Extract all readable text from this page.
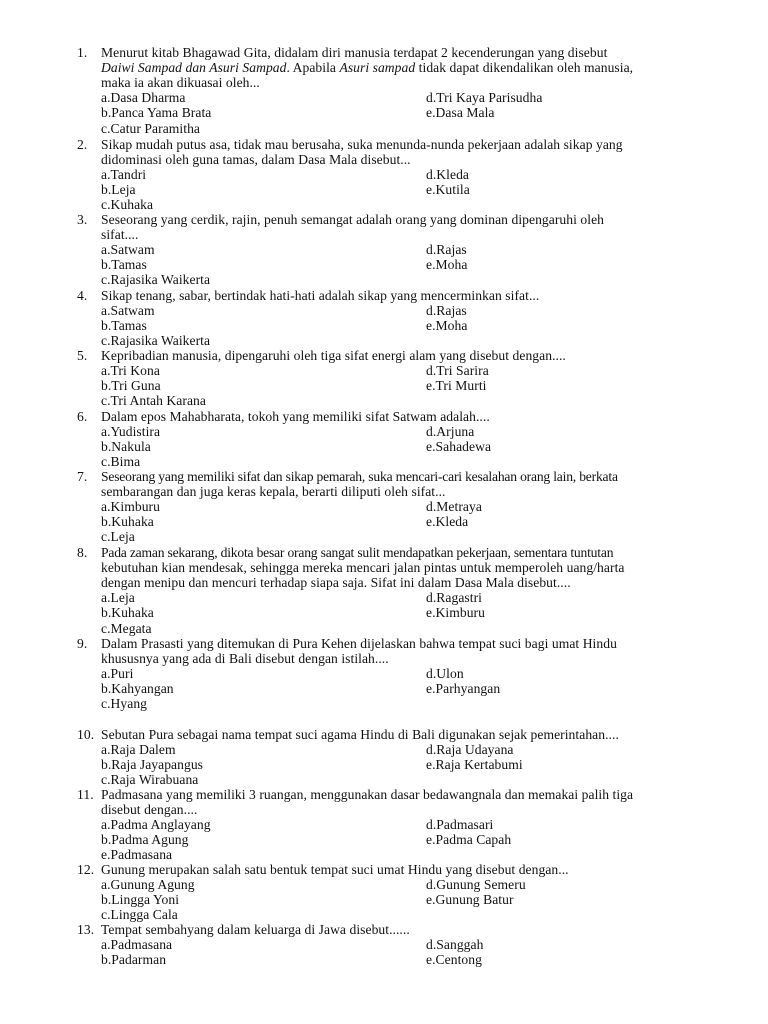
1. Menurut kitab Bhagawad Gita, didalam diri manusia terdapat 2 kecenderungan yang disebut
Daiwi Sampad dan Asuri Sampad. Apabila Asuri sampad tidak dapat dikendalikan oleh manusia,
maka ia akan dikuasai oleh...
a.Dasa Dharma	d.Tri Kaya Parisudha
b.Panca Yama Brata	e.Dasa Mala
c.Catur Paramitha
2. Sikap mudah putus asa, tidak mau berusaha, suka menunda-nunda pekerjaan adalah sikap yang
didominasi oleh guna tamas, dalam Dasa Mala disebut...
a.Tandri	d.Kleda
b.Leja	e.Kutila
c.Kuhaka
3. Seseorang yang cerdik, rajin, penuh semangat adalah orang yang dominan dipengaruhi oleh
sifat....
a.Satwam	d.Rajas
b.Tamas	e.Moha
c.Rajasika Waikerta
4. Sikap tenang, sabar, bertindak hati-hati adalah sikap yang mencerminkan sifat...
a.Satwam	d.Rajas
b.Tamas	e.Moha
c.Rajasika Waikerta
5. Kepribadian manusia, dipengaruhi oleh tiga sifat energi alam yang disebut dengan....
a.Tri Kona	d.Tri Sarira
b.Tri Guna	e.Tri Murti
c.Tri Antah Karana
6. Dalam epos Mahabharata, tokoh yang memiliki sifat Satwam adalah....
a.Yudistira	d.Arjuna
b.Nakula	e.Sahadewa
c.Bima
7. Seseorang yang memiliki sifat dan sikap pemarah, suka mencari-cari kesalahan orang lain, berkata
sembarangan dan juga keras kepala, berarti diliputi oleh sifat...
a.Kimburu	d.Metraya
b.Kuhaka	e.Kleda
c.Leja
8. Pada zaman sekarang, dikota besar orang sangat sulit mendapatkan pekerjaan, sementara tuntutan
kebutuhan kian mendesak, sehingga mereka mencari jalan pintas untuk memperoleh uang/harta
dengan menipu dan mencuri terhadap siapa saja. Sifat ini dalam Dasa Mala disebut....
a.Leja	d.Ragastri
b.Kuhaka	e.Kimburu
c.Megata
9. Dalam Prasasti yang ditemukan di Pura Kehen dijelaskan bahwa tempat suci bagi umat Hindu
khususnya yang ada di Bali disebut dengan istilah....
a.Puri	d.Ulon
b.Kahyangan	e.Parhyangan
c.Hyang
10. Sebutan Pura sebagai nama tempat suci agama Hindu di Bali digunakan sejak pemerintahan....
a.Raja Dalem	d.Raja Udayana
b.Raja Jayapangus	e.Raja Kertabumi
c.Raja Wirabuana
11. Padmasana yang memiliki 3 ruangan, menggunakan dasar bedawangnala dan memakai palih tiga
disebut dengan....
a.Padma Anglayang	d.Padmasari
b.Padma Agung	e.Padma Capah
e.Padmasana
12. Gunung merupakan salah satu bentuk tempat suci umat Hindu yang disebut dengan...
a.Gunung Agung	d.Gunung Semeru
b.Lingga Yoni	e.Gunung Batur
c.Lingga Cala
13. Tempat sembahyang dalam keluarga di Jawa disebut......
a.Padmasana	d.Sanggah
b.Padarman	e.Centong
